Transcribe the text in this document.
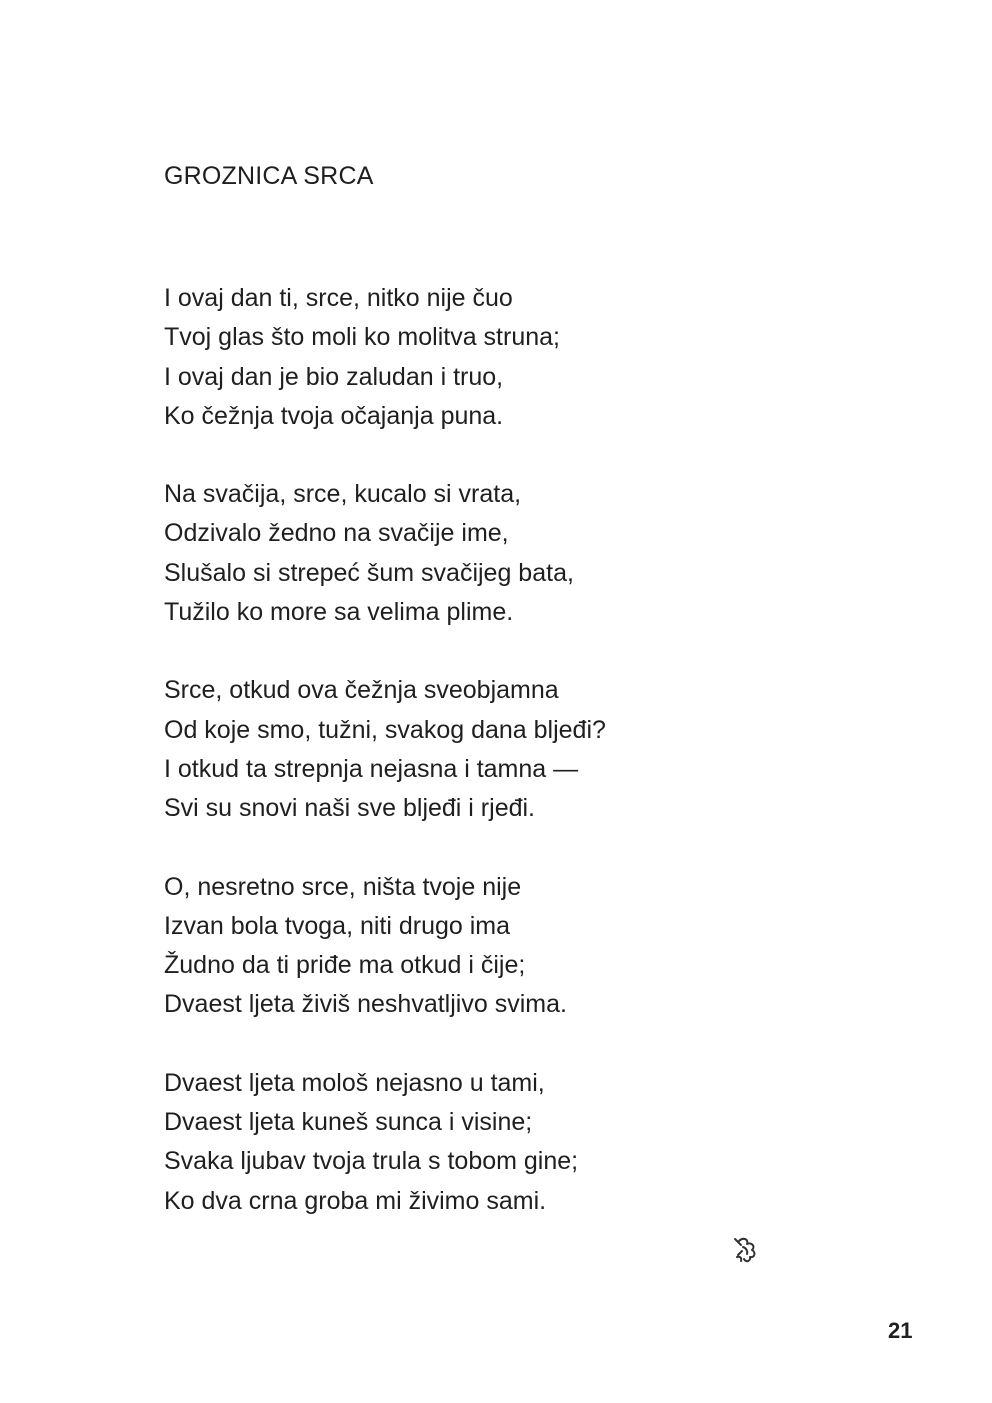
GROZNICA SRCA
I ovaj dan ti, srce, nitko nije čuo
Tvoj glas što moli ko molitva struna;
I ovaj dan je bio zaludan i truo,
Ko čežnja tvoja očajanja puna.
Na svačija, srce, kucalo si vrata,
Odzivalo žedno na svačije ime,
Slušalo si strepeć šum svačijeg bata,
Tužilo ko more sa velima plime.
Srce, otkud ova čežnja sveobjamna
Od koje smo, tužni, svakog dana bljeđi?
I otkud ta strepnja nejasna i tamna —
Svi su snovi naši sve bljeđi i rjeđi.
O, nesretno srce, ništa tvoje nije
Izvan bola tvoga, niti drugo ima
Žudno da ti priđe ma otkud i čije;
Dvaest ljeta živiš neshvatljivo svima.
Dvaest ljeta mološ nejasno u tami,
Dvaest ljeta kuneš sunca i visine;
Svaka ljubav tvoja trula s tobom gine;
Ko dva crna groba mi živimo sami.
21
